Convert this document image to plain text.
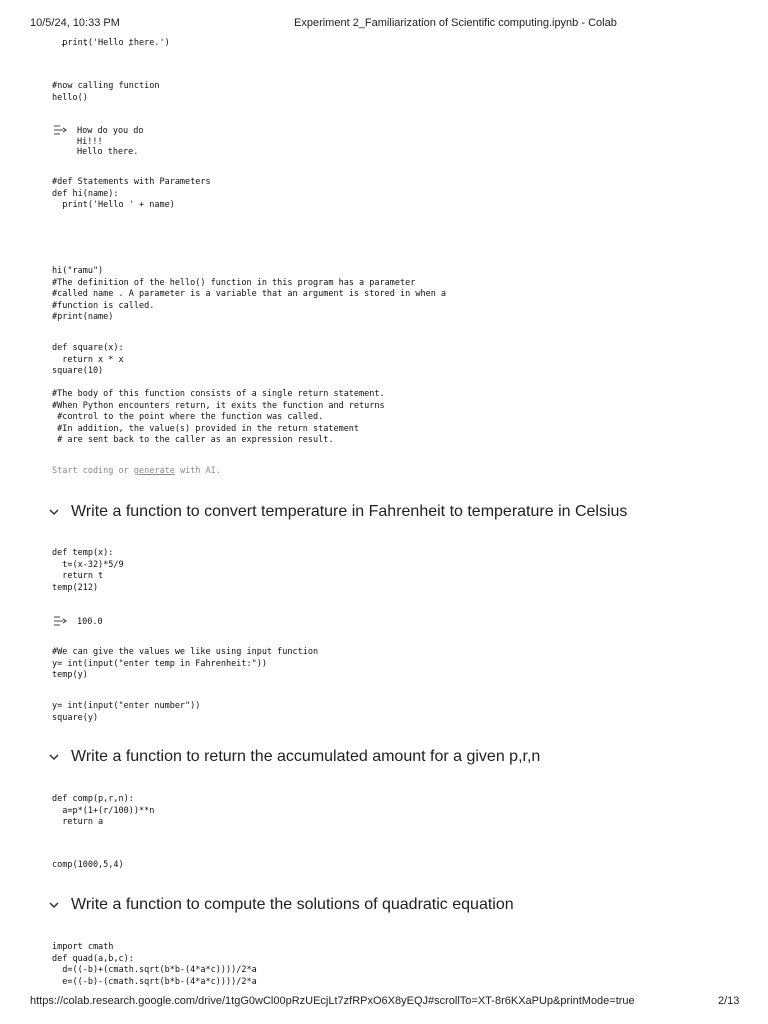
10/5/24, 10:33 PM	Experiment 2_Familiarization of Scientific computing.ipynb - Colab
https://colab.research.google.com/drive/1tgG0wCl00pRzUEcjLt7zfRPxO6X8yEQJ#scrollTo=XT-8r6KXaPUp&printMode=true	2/13
print('Hello there.')
#now calling function
hello()
How do you do
Hi!!!
Hello there.
#def Statements with Parameters
def hi(name):
print('Hello ' + name)
hi("ramu")
#The definition of the hello() function in this program has a parameter
#called name . A parameter is a variable that an argument is stored in when a
#function is called.
#print(name)
def square(x):
return x * x
square(10)
#The body of this function consists of a single return statement.
#When Python encounters return, it exits the function and returns
#control to the point where the function was called.
#In addition, the value(s) provided in the return statement
# are sent back to the caller as an expression result.
Start coding or generate with AI.
Write a function to convert temperature in Fahrenheit to temperature in Celsius
def temp(x):
t=(x-32)*5/9
return t
temp(212)
100.0
#We can give the values we like using input function
y= int(input("enter temp in Fahrenheit:"))
temp(y)
y= int(input("enter number"))
square(y)
Write a function to return the accumulated amount for a given p,r,n
def comp(p,r,n):
a=p*(1+(r/100))**n
return a
comp(1000,5,4)
Write a function to compute the solutions of quadratic equation
import cmath
def quad(a,b,c):
d=((-b)+(cmath.sqrt(b*b-(4*a*c))))/2*a
e=((-b)-(cmath.sqrt(b*b-(4*a*c))))/2*a
